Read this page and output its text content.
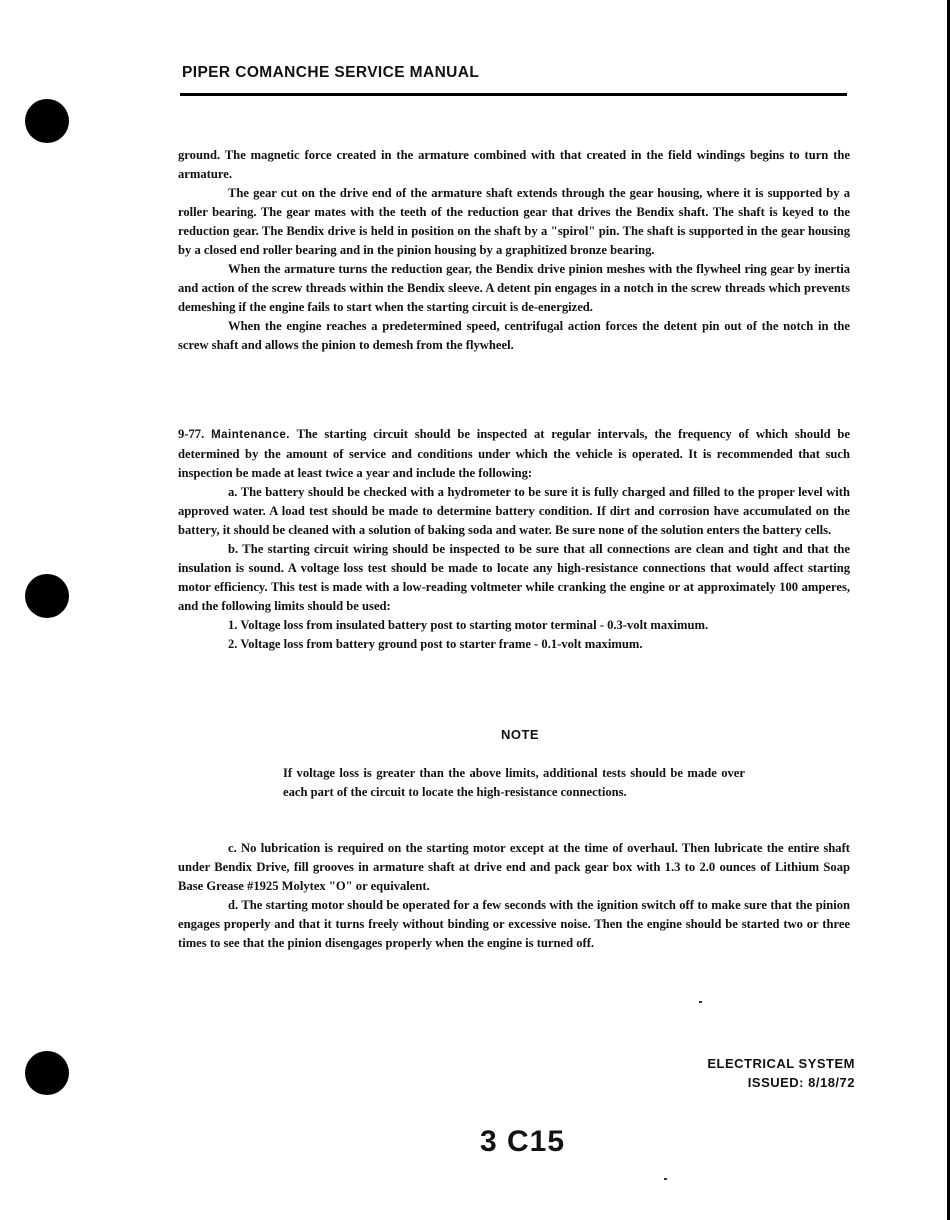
PIPER COMANCHE SERVICE MANUAL

ground. The magnetic force created in the armature combined with that created in the field windings begins to turn the armature.

The gear cut on the drive end of the armature shaft extends through the gear housing, where it is supported by a roller bearing. The gear mates with the teeth of the reduction gear that drives the Bendix shaft. The shaft is keyed to the reduction gear. The Bendix drive is held in position on the shaft by a "spirol" pin. The shaft is supported in the gear housing by a closed end roller bearing and in the pinion housing by a graphitized bronze bearing.

When the armature turns the reduction gear, the Bendix drive pinion meshes with the flywheel ring gear by inertia and action of the screw threads within the Bendix sleeve. A detent pin engages in a notch in the screw threads which prevents demeshing if the engine fails to start when the starting circuit is de-energized.

When the engine reaches a predetermined speed, centrifugal action forces the detent pin out of the notch in the screw shaft and allows the pinion to demesh from the flywheel.

9-77. Maintenance. The starting circuit should be inspected at regular intervals, the frequency of which should be determined by the amount of service and conditions under which the vehicle is operated. It is recommended that such inspection be made at least twice a year and include the following:

a. The battery should be checked with a hydrometer to be sure it is fully charged and filled to the proper level with approved water. A load test should be made to determine battery condition. If dirt and corrosion have accumulated on the battery, it should be cleaned with a solution of baking soda and water. Be sure none of the solution enters the battery cells.

b. The starting circuit wiring should be inspected to be sure that all connections are clean and tight and that the insulation is sound. A voltage loss test should be made to locate any high-resistance connections that would affect starting motor efficiency. This test is made with a low-reading voltmeter while cranking the engine or at approximately 100 amperes, and the following limits should be used:

1. Voltage loss from insulated battery post to starting motor terminal - 0.3-volt maximum.
2. Voltage loss from battery ground post to starter frame - 0.1-volt maximum.
NOTE
If voltage loss is greater than the above limits, additional tests should be made over each part of the circuit to locate the high-resistance connections.

c. No lubrication is required on the starting motor except at the time of overhaul. Then lubricate the entire shaft under Bendix Drive, fill grooves in armature shaft at drive end and pack gear box with 1.3 to 2.0 ounces of Lithium Soap Base Grease #1925 Molytex "O" or equivalent.

d. The starting motor should be operated for a few seconds with the ignition switch off to make sure that the pinion engages properly and that it turns freely without binding or excessive noise. Then the engine should be started two or three times to see that the pinion disengages properly when the engine is turned off.

ELECTRICAL SYSTEM
ISSUED: 8/18/72
3 C15
